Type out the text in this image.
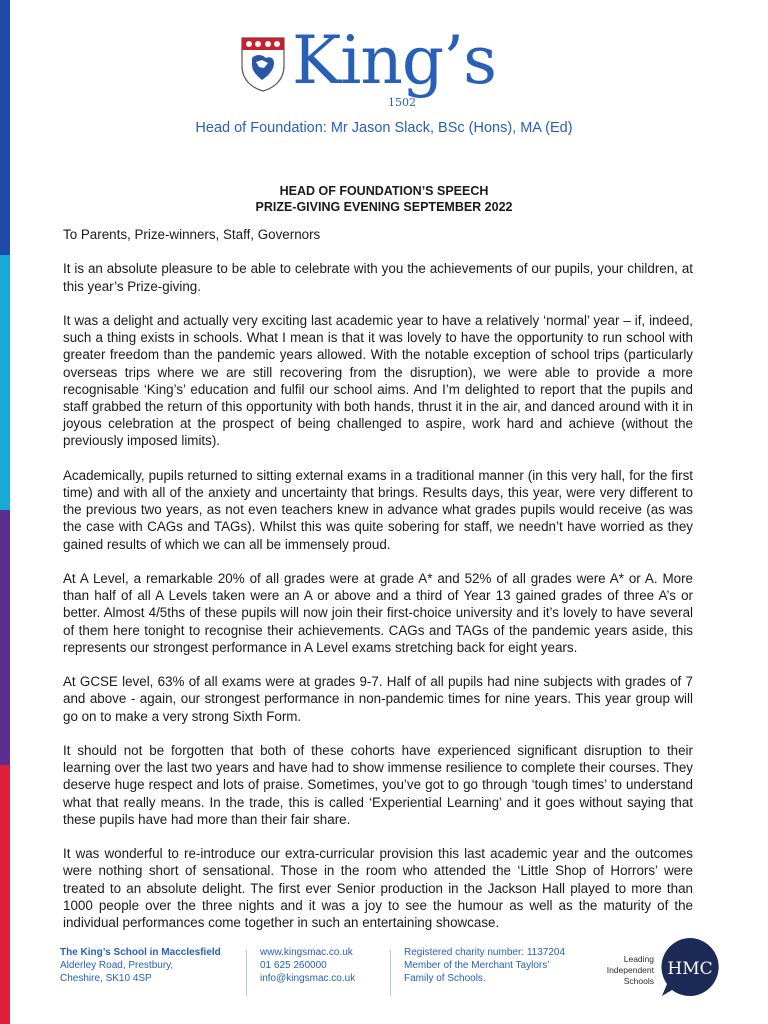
King’s
1502
Head of Foundation: Mr Jason Slack, BSc (Hons), MA (Ed)
HEAD OF FOUNDATION’S SPEECH
PRIZE-GIVING EVENING SEPTEMBER 2022

To Parents, Prize-winners, Staff, Governors

It is an absolute pleasure to be able to celebrate with you the achievements of our pupils, your children, at this year’s Prize-giving.

It was a delight and actually very exciting last academic year to have a relatively ‘normal’ year – if, indeed, such a thing exists in schools. What I mean is that it was lovely to have the opportunity to run school with greater freedom than the pandemic years allowed. With the notable exception of school trips (particularly overseas trips where we are still recovering from the disruption), we were able to provide a more recognisable ‘King’s’ education and fulfil our school aims. And I’m delighted to report that the pupils and staff grabbed the return of this opportunity with both hands, thrust it in the air, and danced around with it in joyous celebration at the prospect of being challenged to aspire, work hard and achieve (without the previously imposed limits).

Academically, pupils returned to sitting external exams in a traditional manner (in this very hall, for the first time) and with all of the anxiety and uncertainty that brings. Results days, this year, were very different to the previous two years, as not even teachers knew in advance what grades pupils would receive (as was the case with CAGs and TAGs). Whilst this was quite sobering for staff, we needn’t have worried as they gained results of which we can all be immensely proud.

At A Level, a remarkable 20% of all grades were at grade A* and 52% of all grades were A* or A. More than half of all A Levels taken were an A or above and a third of Year 13 gained grades of three A’s or better. Almost 4/5ths of these pupils will now join their first-choice university and it’s lovely to have several of them here tonight to recognise their achievements. CAGs and TAGs of the pandemic years aside, this represents our strongest performance in A Level exams stretching back for eight years.

At GCSE level, 63% of all exams were at grades 9-7. Half of all pupils had nine subjects with grades of 7 and above - again, our strongest performance in non-pandemic times for nine years. This year group will go on to make a very strong Sixth Form.

It should not be forgotten that both of these cohorts have experienced significant disruption to their learning over the last two years and have had to show immense resilience to complete their courses. They deserve huge respect and lots of praise. Sometimes, you’ve got to go through ‘tough times’ to understand what that really means. In the trade, this is called ‘Experiential Learning’ and it goes without saying that these pupils have had more than their fair share.

It was wonderful to re-introduce our extra-curricular provision this last academic year and the outcomes were nothing short of sensational. Those in the room who attended the ‘Little Shop of Horrors’ were treated to an absolute delight. The first ever Senior production in the Jackson Hall played to more than 1000 people over the three nights and it was a joy to see the humour as well as the maturity of the individual performances come together in such an entertaining showcase.

The King’s School in Macclesfield
Alderley Road, Prestbury,
Cheshire, SK10 4SP
www.kingsmac.co.uk
01 625 260000
info@kingsmac.co.uk
Registered charity number: 1137204
Member of the Merchant Taylors’
Family of Schools.
Leading
Independent
Schools
HMC
